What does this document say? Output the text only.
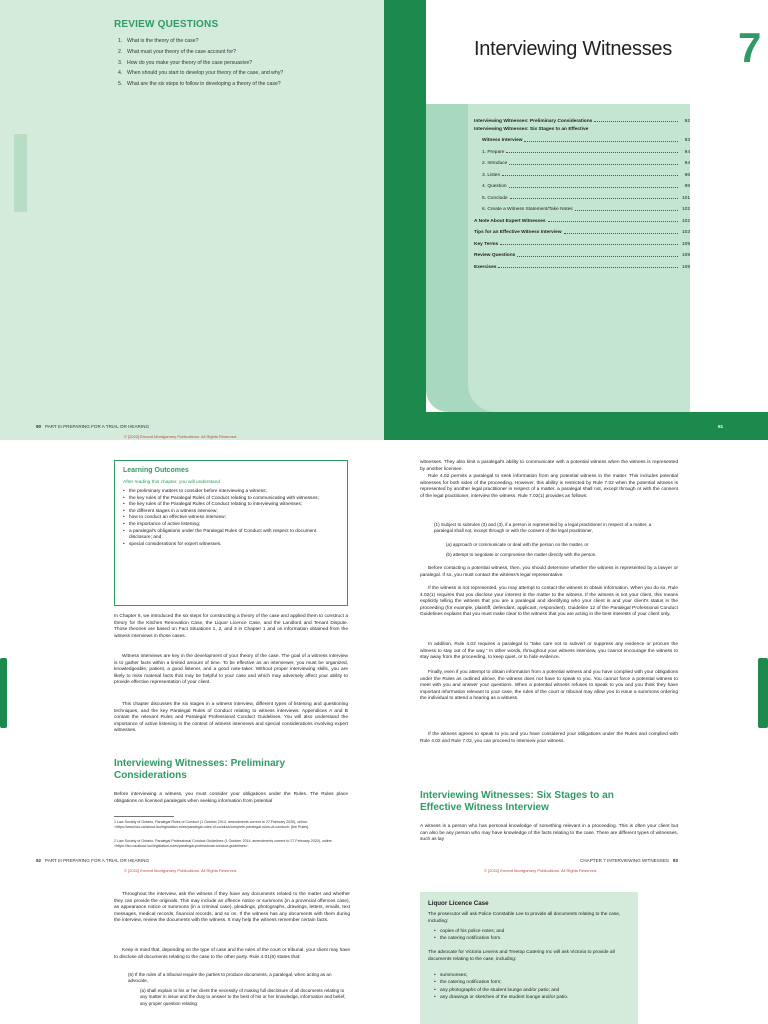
REVIEW QUESTIONS
1. What is the theory of the case?
2. What must your theory of the case account for?
3. How do you make your theory of the case persuasive?
4. When should you start to develop your theory of the case, and why?
5. What are the six steps to follow in developing a theory of the case?
90 PART III PREPARING FOR A TRIAL OR HEARING
© [2022] Emond Montgomery Publications. All Rights Reserved.
Interviewing Witnesses 7
Interviewing Witnesses: Preliminary Considerations	92
Interviewing Witnesses: Six Stages to an Effective
Witness Interview	93
1. Prepare	94
2. Introduce	94
3. Listen	96
4. Question	98
5. Conclude	101
6. Create a Witness Statement/Take Notes	102
A Note About Expert Witnesses	102
Tips for an Effective Witness Interview	103
Key Terms	109
Review Questions	109
Exercises	109
91
Learning Outcomes
After reading this chapter, you will understand
• the preliminary matters to consider before interviewing a witness;
• the key rules of the Paralegal Rules of Conduct relating to communicating with witnesses;
• the key rules of the Paralegal Rules of Conduct relating to interviewing witnesses;
• the different stages in a witness interview;
• how to conduct an effective witness interview;
• the importance of active listening;
• a paralegal's obligations under the Paralegal Rules of Conduct with respect to document disclosure; and
• special considerations for expert witnesses.
In Chapter 6, we introduced the six steps for constructing a theory of the case and applied them to construct a theory for the Kitchen Renovation Case, the Liquor Licence Case, and the Landlord and Tenant Dispute. Those theories are based on Fact Situations 1, 2, and 3 in Chapter 1 and on information obtained from the witness interviews in those cases.
Witness interviews are key in the development of your theory of the case. The goal of a witness interview is to gather facts within a limited amount of time. To be effective as an interviewer, you must be organized, knowledgeable, patient, a good listener, and a good note-taker. Without proper interviewing skills, you are likely to miss material facts that may be helpful to your case and which may adversely affect your ability to provide effective representation of your client.
This chapter discusses the six stages in a witness interview, different types of listening and questioning techniques, and the key Paralegal Rules of Conduct relating to witness interviews. Appendices A and B contain the relevant Rules and Paralegal Professional Conduct Guidelines. You will also understand the importance of active listening in the context of witness interviews and special considerations involving expert witnesses.
Interviewing Witnesses: Preliminary Considerations
Before interviewing a witness, you must consider your obligations under the Rules. The Rules place obligations on licensed paralegals when seeking information from potential
1 Law Society of Ontario, Paralegal Rules of Conduct (1 October 2014, amendments current to 27 February 2020), online: <https://www.lso.ca/about-lso/legislation-rules/paralegal-rules-of-conduct/complete-paralegal-rules-of-conduct> [the Rules].
2 Law Society of Ontario, Paralegal Professional Conduct Guidelines (1 October 2014, amendments current to 27 February 2020), online: <https://lso.ca/about-lso/legislation-rules/paralegal-professional-conduct-guidelines>.
92 PART III PREPARING FOR A TRIAL OR HEARING
© [2022] Emond Montgomery Publications. All Rights Reserved.
witnesses. They also limit a paralegal's ability to communicate with a potential witness when the witness is represented by another licensee.
Rule 4.02 permits a paralegal to seek information from any potential witness in the matter. This includes potential witnesses for both sides of the proceeding. However, this ability is restricted by Rule 7.02 when the potential witness is represented by another legal practitioner in respect of a matter, a paralegal shall not, except through or with the consent of the legal practitioner, interview the witness. Rule 7.02(1) provides as follows:
(1) Subject to subrules (2) and (3), if a person is represented by a legal practitioner in respect of a matter, a paralegal shall not, except through or with the consent of the legal practitioner,
(a) approach or communicate or deal with the person on the matter, or
(b) attempt to negotiate or compromise the matter directly with the person.
Before contacting a potential witness, then, you should determine whether the witness is represented by a lawyer or paralegal. If so, you must contact the witness's legal representative.
If the witness is not represented, you may attempt to contact the witness to obtain information. When you do so, Rule 4.02(1) requires that you disclose your interest in the matter to the witness. If the witness is not your client, this means explicitly telling the witness that you are a paralegal and identifying who your client is and your client's status in the proceeding (for example, plaintiff, defendant, applicant, respondent). Guideline 12 of the Paralegal Professional Conduct Guidelines explains that you must make clear to the witness that you are acting in the best interests of your client only.
In addition, Rule 4.02 requires a paralegal to "take care not to subvert or suppress any evidence or procure the witness to stay out of the way." In other words, throughout your witness interview, you cannot encourage the witness to stay away from the proceeding, to keep quiet, or to hide evidence.
Finally, even if you attempt to obtain information from a potential witness and you have complied with your obligations under the Rules as outlined above, the witness does not have to speak to you. You cannot force a potential witness to meet with you and answer your questions. When a potential witness refuses to speak to you and you think they have important information relevant to your case, the rules of the court or tribunal may allow you to issue a summons ordering the individual to attend a hearing as a witness.
If the witness agrees to speak to you and you have considered your obligations under the Rules and complied with Rule 4.02 and Rule 7.02, you can proceed to interview your witness.
Interviewing Witnesses: Six Stages to an Effective Witness Interview
A witness is a person who has personal knowledge of something relevant in a proceeding. This is often your client but can also be any person who may have knowledge of the facts relating to the case. There are different types of witnesses, such as lay
CHAPTER 7 INTERVIEWING WITNESSES 93
© [2022] Emond Montgomery Publications. All Rights Reserved.
Throughout the interview, ask the witness if they have any documents related to the matter and whether they can provide the originals. This may include an offence notice or summons (in a provincial offences case), an appearance notice or summons (in a criminal case), pleadings, photographs, drawings, letters, emails, text messages, medical records, financial records, and so on. If the witness has any documents with them during the interview, review the documents with the witness. It may help the witness remember certain facts.
Keep in mind that, depending on the type of case and the rules of the court or tribunal, your client may have to disclose all documents relating to the case to the other party. Rule 4.01(6) states that:
(6) If the rules of a tribunal require the parties to produce documents, a paralegal, when acting as an advocate,
(a) shall explain to his or her client the necessity of making full disclosure of all documents relating to any matter in issue and the duty to answer to the best of his or her knowledge, information and belief, any proper question relating
Liquor Licence Case
The prosecutor will ask Police Constable Lee to provide all documents relating to the case, including:
• copies of his police notes; and
• the catering notification form.
The advocate for Victoria Levens and Treetop Catering Inc will ask Victoria to provide all documents relating to the case, including:
• summonses;
• the catering notification form;
• any photographs of the student lounge and/or patio; and
• any drawings or sketches of the student lounge and/or patio.
